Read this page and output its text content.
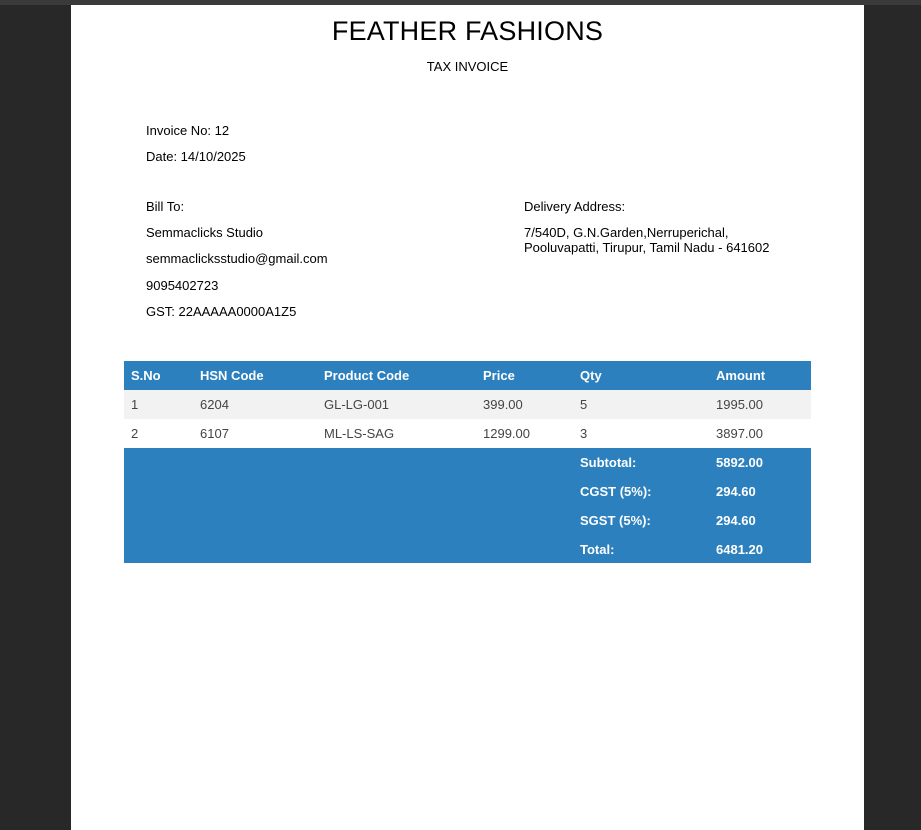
FEATHER FASHIONS
TAX INVOICE
Invoice No: 12
Date: 14/10/2025
Bill To:
Semmaclicks Studio
semmaclicksstudio@gmail.com
9095402723
GST: 22AAAAA0000A1Z5
Delivery Address:
7/540D, G.N.Garden,Nerruperichal,
Pooluvapatti, Tirupur, Tamil Nadu - 641602
S.No	HSN Code	Product Code	Price	Qty	Amount
1	6204	GL-LG-001	399.00	5	1995.00
2	6107	ML-LS-SAG	1299.00	3	3897.00
Subtotal:	5892.00
CGST (5%):	294.60
SGST (5%):	294.60
Total:	6481.20
